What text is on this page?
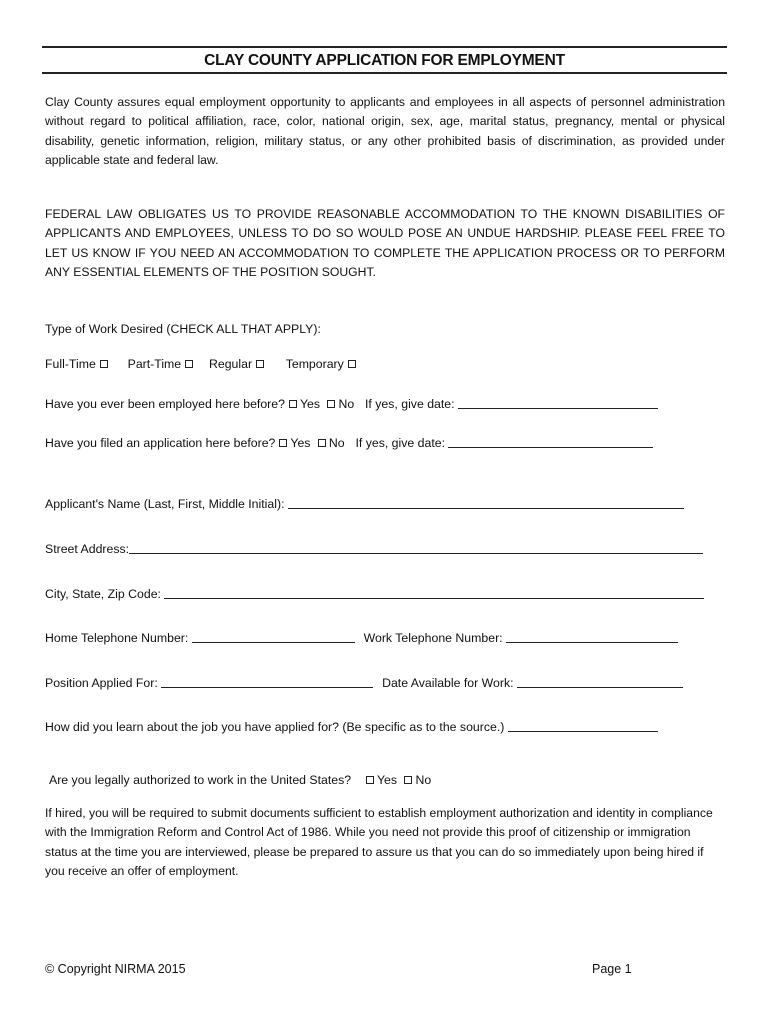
CLAY COUNTY APPLICATION FOR EMPLOYMENT
Clay County assures equal employment opportunity to applicants and employees in all aspects of personnel administration without regard to political affiliation, race, color, national origin, sex, age, marital status, pregnancy, mental or physical disability, genetic information, religion, military status, or any other prohibited basis of discrimination, as provided under applicable state and federal law.
FEDERAL LAW OBLIGATES US TO PROVIDE REASONABLE ACCOMMODATION TO THE KNOWN DISABILITIES OF APPLICANTS AND EMPLOYEES, UNLESS TO DO SO WOULD POSE AN UNDUE HARDSHIP. PLEASE FEEL FREE TO LET US KNOW IF YOU NEED AN ACCOMMODATION TO COMPLETE THE APPLICATION PROCESS OR TO PERFORM ANY ESSENTIAL ELEMENTS OF THE POSITION SOUGHT.
Type of Work Desired (CHECK ALL THAT APPLY):
Full-Time	Part-Time Regular	Temporary
Have you ever been employed here before? Yes No If yes, give date:
Have you filed an application here before? Yes No If yes, give date:
Applicant's Name (Last, First, Middle Initial):
Street Address:
City, State, Zip Code:
Home Telephone Number:	Work Telephone Number:
Position Applied For:	Date Available for Work:
How did you learn about the job you have applied for? (Be specific as to the source.)
Are you legally authorized to work in the United States? Yes No
If hired, you will be required to submit documents sufficient to establish employment authorization and identity in compliance with the Immigration Reform and Control Act of 1986. While you need not provide this proof of citizenship or immigration status at the time you are interviewed, please be prepared to assure us that you can do so immediately upon being hired if you receive an offer of employment.
© Copyright NIRMA 2015	Page 1
